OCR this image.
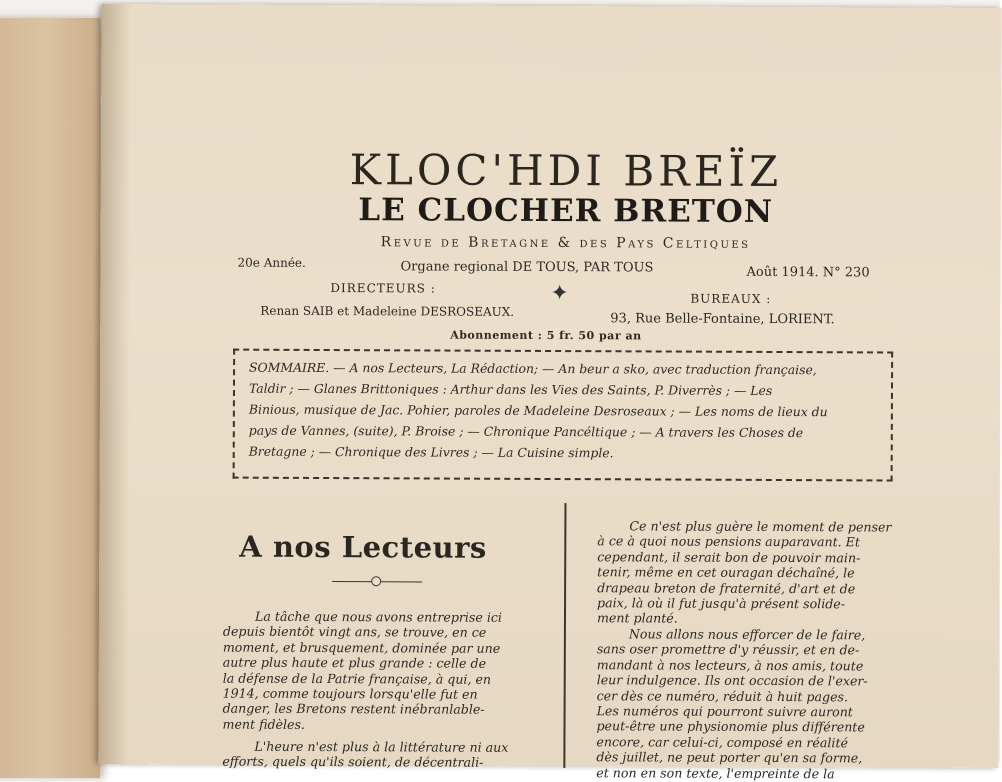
KLOC'HDI BREÏZ
LE CLOCHER BRETON
Revue de Bretagne & des Pays Celtiques
20e Année.	Organe regional DE TOUS, PAR TOUS	Août 1914. N° 230
DIRECTEURS :
Renan SAIB et Madeleine DESROSEAUX.
✦	BUREAUX :
93, Rue Belle-Fontaine, LORIENT.
Abonnement : 5 fr. 50 par an
SOMMAIRE. — A nos Lecteurs, La Rédaction; — An beur a sko, avec traduction française,
Taldir ; — Glanes Brittoniques : Arthur dans les Vies des Saints, P. Diverrès ; — Les
Binious, musique de Jac. Pohier, paroles de Madeleine Desroseaux ; — Les noms de lieux du
pays de Vannes, (suite), P. Broise ; — Chronique Pancéltique ; — A travers les Choses de
Bretagne ; — Chronique des Livres ; — La Cuisine simple.
A nos Lecteurs
La tâche que nous avons entreprise ici
depuis bientôt vingt ans, se trouve, en ce
moment, et brusquement, dominée par une
autre plus haute et plus grande : celle de
la défense de la Patrie française, à qui, en
1914, comme toujours lorsqu'elle fut en
danger, les Bretons restent inébranlable-
ment fidèles.
L'heure n'est plus à la littérature ni aux
efforts, quels qu'ils soient, de décentrali-
Ce n'est plus guère le moment de penser
à ce à quoi nous pensions auparavant. Et
cependant, il serait bon de pouvoir main-
tenir, même en cet ouragan déchaîné, le
drapeau breton de fraternité, d'art et de
paix, là où il fut jusqu'à présent solide-
ment planté.
Nous allons nous efforcer de le faire,
sans oser promettre d'y réussir, et en de-
mandant à nos lecteurs, à nos amis, toute
leur indulgence. Ils ont occasion de l'exer-
cer dès ce numéro, réduit à huit pages.
Les numéros qui pourront suivre auront
peut-être une physionomie plus différente
encore, car celui-ci, composé en réalité
dès juillet, ne peut porter qu'en sa forme,
et non en son texte, l'empreinte de la
